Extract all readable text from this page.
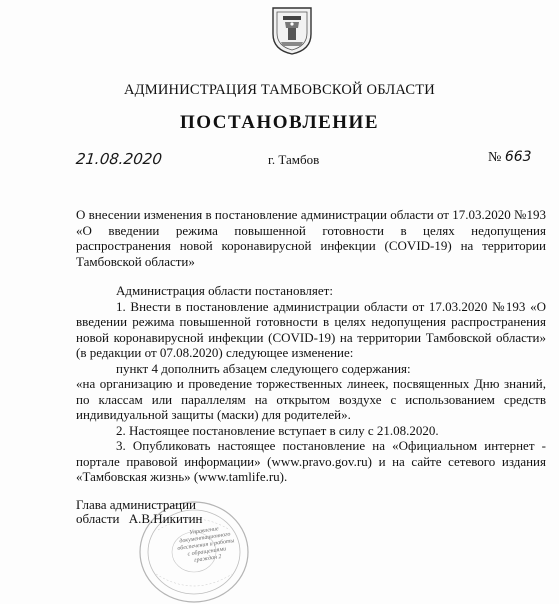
АДМИНИСТРАЦИЯ ТАМБОВСКОЙ ОБЛАСТИ
ПОСТАНОВЛЕНИЕ
21.08.2020	г. Тамбов	№ 663
О внесении изменения в постановление администрации области от 17.03.2020 №193 «О введении режима повышенной готовности в целях недопущения распространения новой коронавирусной инфекции (COVID-19) на территории Тамбовской области»

Администрация области постановляет:

1. Внести в постановление администрации области от 17.03.2020 №193 «О введении режима повышенной готовности в целях недопущения распространения новой коронавирусной инфекции (COVID-19) на территории Тамбовской области» (в редакции от 07.08.2020) следующее изменение:

пункт 4 дополнить абзацем следующего содержания:

«на организацию и проведение торжественных линеек, посвященных Дню знаний, по классам или параллелям на открытом воздухе с использованием средств индивидуальной защиты (маски) для родителей».

2. Настоящее постановление вступает в силу с 21.08.2020.

3. Опубликовать настоящее постановление на «Официальном интернет - портале правовой информации» (www.pravo.gov.ru) и на сайте сетевого издания «Тамбовская жизнь» (www.tamlife.ru).

Управление документационного обеспечения и работы с обращениями граждан 2
Глава администрации
области А.В.Никитин
